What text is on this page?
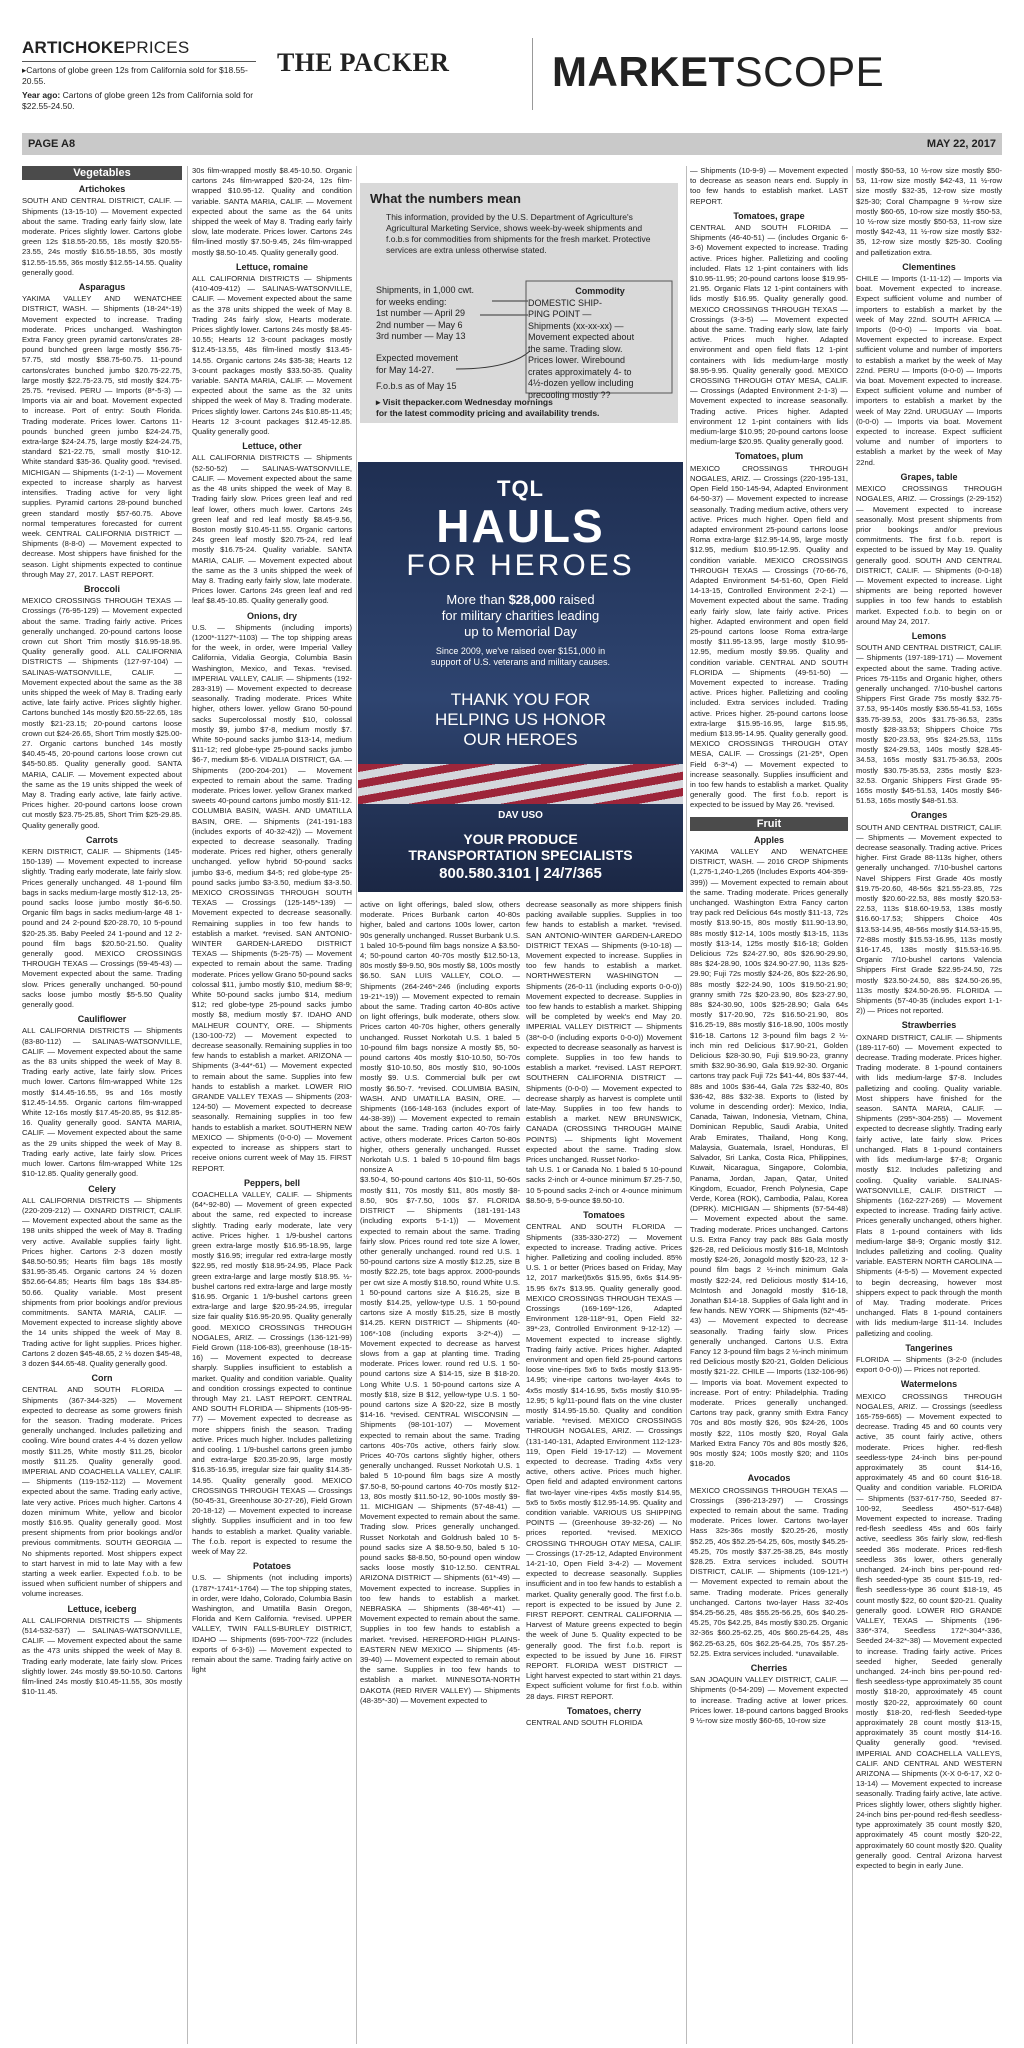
ARTICHOKEPRICES

▸Cartons of globe green 12s from California sold for $18.55-20.55.

Year ago: Cartons of globe green 12s from California sold for $22.55-24.50.

THE PACKER MARKETSCOPE
PAGE A8	MAY 22, 2017
Vegetables
Artichokes

SOUTH AND CENTRAL DISTRICT, CALIF. — Shipments (13-15-10) — Movement expected about the same. Trading early fairly slow, late moderate. Prices slightly lower. Cartons globe green 12s $18.55-20.55, 18s mostly $20.55-23.55, 24s mostly $16.55-18.55, 30s mostly $12.55-15.55, 36s mostly $12.55-14.55. Quality generally good.

Asparagus

YAKIMA VALLEY AND WENATCHEE DISTRICT, WASH. — Shipments (18-24*-19) Movement expected to increase. Trading moderate. Prices unchanged. Washington Extra Fancy green pyramid cartons/crates 28-pound bunched green large mostly $56.75-57.75, std mostly $58.75-60.75. 11-pound cartons/crates bunched jumbo $20.75-22.75, large mostly $22.75-23.75, std mostly $24.75-25.75. *revised. PERU — Imports (8*-5-3) — Imports via air and boat. Movement expected to increase. Port of entry: South Florida. Trading moderate. Prices lower. Cartons 11-pounds bunched green jumbo $24-24.75, extra-large $24-24.75, large mostly $24-24.75, standard $21-22.75, small mostly $10-12. White standard $35-36. Quality good. *revised. MICHIGAN — Shipments (1-2-1) — Movement expected to increase sharply as harvest intensifies. Trading active for very light supplies. Pyramid cartons 28-pound bunched green standard mostly $57-60.75. Above normal temperatures forecasted for current week. CENTRAL CALIFORNIA DISTRICT — Shipments (8-8-0) — Movement expected to decrease. Most shippers have finished for the season. Light shipments expected to continue through May 27, 2017. LAST REPORT.

Broccoli

MEXICO CROSSINGS THROUGH TEXAS — Crossings (76-95-129) — Movement expected about the same. Trading fairly active. Prices generally unchanged. 20-pound cartons loose crown cut Short Trim mostly $16.95-18.95. Quality generally good. ALL CALIFORNIA DISTRICTS — Shipments (127-97-104) — SALINAS-WATSONVILLE, CALIF. — Movement expected about the same as the 38 units shipped the week of May 8. Trading early active, late fairly active. Prices slightly higher. Cartons bunched 14s mostly $20.55-22.65, 18s mostly $21-23.15; 20-pound cartons loose crown cut $24-26.65, Short Trim mostly $25.00-27. Organic cartons bunched 14s mostly $40.45-45, 20-pound cartons loose crown cut $45-50.85. Quality generally good. SANTA MARIA, CALIF. — Movement expected about the same as the 19 units shipped the week of May 8. Trading early active, late fairly active. Prices higher. 20-pound cartons loose crown cut mostly $23.75-25.85, Short Trim $25-29.85. Quality generally good.

Carrots

KERN DISTRICT, CALIF. — Shipments (145-150-139) — Movement expected to increase slightly. Trading early moderate, late fairly slow. Prices generally unchanged. 48 1-pound film bags in sacks medium-large mostly $12-13, 25-pound sacks loose jumbo mostly $6-6.50. Organic film bags in sacks medium-large 48 1-pound and 24 2-pound $20-28.70, 10 5-pound $20-25.35. Baby Peeled 24 1-pound and 12 2-pound film bags $20.50-21.50. Quality generally good. MEXICO CROSSINGS THROUGH TEXAS — Crossings (59-45-43) — Movement expected about the same. Trading slow. Prices generally unchanged. 50-pound sacks loose jumbo mostly $5-5.50 Quality generally good.

Cauliflower

ALL CALIFORNIA DISTRICTS — Shipments (83-80-112) — SALINAS-WATSONVILLE, CALIF. — Movement expected about the same as the 83 units shipped the week of May 8. Trading early active, late fairly slow. Prices much lower. Cartons film-wrapped White 12s mostly $14.45-16.55, 9s and 16s mostly $12.45-14.55. Organic cartons film-wrapped White 12-16s mostly $17.45-20.85, 9s $12.85-16. Quality generally good. SANTA MARIA, CALIF. — Movement expected about the same as the 29 units shipped the week of May 8. Trading early active, late fairly slow. Prices much lower. Cartons film-wrapped White 12s $10-12.85. Quality generally good.

Celery

ALL CALIFORNIA DISTRICTS — Shipments (220-209-212) — OXNARD DISTRICT, CALIF. — Movement expected about the same as the 198 units shipped the week of May 8. Trading very active. Available supplies fairly light. Prices higher. Cartons 2-3 dozen mostly $48.50-50.95; Hearts film bags 18s mostly $31.95-35.45. Organic cartons 24 ½ dozen $52.66-64.85; Hearts film bags 18s $34.85-50.66. Quality variable. Most present shipments from prior bookings and/or previous commitments. SANTA MARIA, CALIF. — Movement expected to increase slightly above the 14 units shipped the week of May 8. Trading active for light supplies. Prices higher. Cartons 2 dozen $45-48.65, 2 ½ dozen $45-48, 3 dozen $44.65-48. Quality generally good.

Corn

CENTRAL AND SOUTH FLORIDA — Shipments (367-344-325) — Movement expected to decrease as some growers finish for the season. Trading moderate. Prices generally unchanged. Includes palletizing and cooling. Wire bound crates 4-4 ½ dozen yellow mostly $11.25, White mostly $11.25, bicolor mostly $11.25. Quality generally good. IMPERIAL AND COACHELLA VALLEY, CALIF. — Shipments (119-152-112) — Movement expected about the same. Trading early active, late very active. Prices much higher. Cartons 4 dozen minimum White, yellow and bicolor mostly $16.95. Quality generally good. Most present shipments from prior bookings and/or previous commitments. SOUTH GEORGIA — No shipments reported. Most shippers expect to start harvest in mid to late May with a few starting a week earlier. Expected f.o.b. to be issued when sufficient number of shippers and volume increases.

Lettuce, iceberg

ALL CALIFORNIA DISTRICTS — Shipments (514-532-537) — SALINAS-WATSONVILLE, CALIF. — Movement expected about the same as the 473 units shipped the week of May 8. Trading early moderate, late fairly slow. Prices slightly lower. 24s mostly $9.50-10.50. Cartons film-lined 24s mostly $10.45-11.55, 30s mostly $10-11.45.

30s film-wrapped mostly $8.45-10.50. Organic cartons 24s film-wrapped $20-24, 12s film-wrapped $10.95-12. Quality and condition variable. SANTA MARIA, CALIF. — Movement expected about the same as the 64 units shipped the week of May 8. Trading early fairly slow, late moderate. Prices lower. Cartons 24s film-lined mostly $7.50-9.45, 24s film-wrapped mostly $8.50-10.45. Quality generally good.

Lettuce, romaine

ALL CALIFORNIA DISTRICTS — Shipments (410-409-412) — SALINAS-WATSONVILLE, CALIF. — Movement expected about the same as the 378 units shipped the week of May 8. Trading 24s fairly slow, Hearts moderate. Prices slightly lower. Cartons 24s mostly $8.45-10.55; Hearts 12 3-count packages mostly $12.45-13.55, 48s film-lined mostly $13.45-14.55. Organic cartons 24s $35-38; Hearts 12 3-count packages mostly $33.50-35. Quality variable. SANTA MARIA, CALIF. — Movement expected about the same as the 32 units shipped the week of May 8. Trading moderate. Prices slightly lower. Cartons 24s $10.85-11.45; Hearts 12 3-count packages $12.45-12.85. Quality generally good.

Lettuce, other

ALL CALIFORNIA DISTRICTS — Shipments (52-50-52) — SALINAS-WATSONVILLE, CALIF. — Movement expected about the same as the 48 units shipped the week of May 8. Trading fairly slow. Prices green leaf and red leaf lower, others much lower. Cartons 24s green leaf and red leaf mostly $8.45-9.56, Boston mostly $10.45-11.55. Organic cartons 24s green leaf mostly $20.75-24, red leaf mostly $16.75-24. Quality variable. SANTA MARIA, CALIF. — Movement expected about the same as the 3 units shipped the week of May 8. Trading early fairly slow, late moderate. Prices lower. Cartons 24s green leaf and red leaf $8.45-10.85. Quality generally good.

Onions, dry

U.S. — Shipments (including imports) (1200*-1127*-1103) — The top shipping areas for the week, in order, were Imperial Valley California, Vidalia Georgia, Columbia Basin Washington, Mexico, and Texas. *revised. IMPERIAL VALLEY, CALIF. — Shipments (192-283-319) — Movement expected to decrease seasonally. Trading moderate. Prices White higher, others lower. yellow Grano 50-pound sacks Supercolossal mostly $10, colossal mostly $9, jumbo $7-8, medium mostly $7. White 50-pound sacks jumbo $13-14, medium $11-12; red globe-type 25-pound sacks jumbo $6-7, medium $5-6. VIDALIA DISTRICT, GA. — Shipments (200-204-201) — Movement expected to remain about the same. Trading moderate. Prices lower. yellow Granex marked sweets 40-pound cartons jumbo mostly $11-12. COLUMBIA BASIN, WASH. AND UMATILLA BASIN, ORE. — Shipments (241-191-183 (includes exports of 40-32-42)) — Movement expected to decrease seasonally. Trading moderate. Prices red higher, others generally unchanged. yellow hybrid 50-pound sacks jumbo $3-6, medium $4-5; red globe-type 25-pound sacks jumbo $3-3.50, medium $3-3.50. MEXICO CROSSINGS THROUGH SOUTH TEXAS — Crossings (125-145*-139) — Movement expected to decrease seasonally. Remaining supplies in too few hands to establish a market. *revised. SAN ANTONIO-WINTER GARDEN-LAREDO DISTRICT TEXAS — Shipments (5-25-75) — Movement expected to remain about the same. Trading moderate. Prices yellow Grano 50-pound sacks colossal $11, jumbo mostly $10, medium $8-9; White 50-pound sacks jumbo $14, medium $12; red globe-type 25-pound sacks jumbo mostly $8, medium mostly $7. IDAHO AND MALHEUR COUNTY, ORE. — Shipments (130-100-72) — Movement expected to decrease seasonally. Remaining supplies in too few hands to establish a market. ARIZONA — Shipments (3-44*-61) — Movement expected to remain about the same. Supplies into few hands to establish a market. LOWER RIO GRANDE VALLEY TEXAS — Shipments (203-124-50) — Movement expected to decrease seasonally. Remaining supplies in too few hands to establish a market. SOUTHERN NEW MEXICO — Shipments (0-0-0) — Movement expected to increase as shippers start to receive onions current week of May 15. FIRST REPORT.

Peppers, bell

COACHELLA VALLEY, CALIF. — Shipments (64*-92-80) — Movement of green expected about the same, red expected to increase slightly. Trading early moderate, late very active. Prices higher. 1 1/9-bushel cartons green extra-large mostly $16.95-18.95, large mostly $16.95; irregular red extra-large mostly $22.95, red mostly $18.95-24.95, Place Pack green extra-large and large mostly $18.95. ½-bushel cartons red extra-large and large mostly $16.95. Organic 1 1/9-bushel cartons green extra-large and large $20.95-24.95, irregular size fair quality $16.95-20.95. Quality generally good. MEXICO CROSSINGS THROUGH NOGALES, ARIZ. — Crossings (136-121-99) Field Grown (118-106-83), greenhouse (18-15-16) — Movement expected to decrease sharply. Supplies insufficient to establish a market. Quality and condition variable. Quality and condition crossings expected to continue through May 21. LAST REPORT. CENTRAL AND SOUTH FLORIDA — Shipments (105-95-77) — Movement expected to decrease as more shippers finish the season. Trading active. Prices much higher. Includes palletizing and cooling. 1 1/9-bushel cartons green jumbo and extra-large $20.35-20.95, large mostly $16.35-16.95, irregular size fair quality $14.35-14.95. Quality generally good. MEXICO CROSSINGS THROUGH TEXAS — Crossings (50-45-31, Greenhouse 30-27-26), Field Grown 20-18-12) — Movement expected to increase slightly. Supplies insufficient and in too few hands to establish a market. Quality variable. The f.o.b. report is expected to resume the week of May 22.

Potatoes

U.S. — Shipments (not including imports) (1787*-1741*-1764) — The top shipping states, in order, were Idaho, Colorado, Columbia Basin Washington, and Umatilla Basin Oregon, Florida and Kern California. *revised. UPPER VALLEY, TWIN FALLS-BURLEY DISTRICT, IDAHO — Shipments (695-700*-722 (includes exports of 6-3-6)) — Movement expected to remain about the same. Trading fairly active on light

active on light offerings, baled slow, others moderate. Prices Burbank carton 40-80s higher, baled and cartons 100s lower, carton 90s generally unchanged. Russet Burbank U.S. 1 baled 10-5-pound film bags nonsize A $3.50-4; 50-pound carton 40-70s mostly $12.50-13, 80s mostly $9-9.50, 90s mostly $8, 100s mostly $6.50. SAN LUIS VALLEY, COLO. — Shipments (264-246*-246 (including exports 19-21*-19)) — Movement expected to remain about the same. Trading carton 40-80s active on light offerings, bulk moderate, others slow. Prices carton 40-70s higher, others generally unchanged. Russet Norkotah U.S. 1 baled 5 10-pound film bags nonsize A mostly $5, 50-pound cartons 40s mostly $10-10.50, 50-70s mostly $10-10.50, 80s mostly $10, 90-100s mostly $9. U.S. Commercial bulk per cwt mostly $6.50-7. *revised. COLUMBIA BASIN, WASH. AND UMATILLA BASIN, ORE. — Shipments (166-148-163 (includes export of 44-38-39)) — Movement expected to remain about the same. Trading carton 40-70s fairly active, others moderate. Prices Carton 50-80s higher, others generally unchanged. Russet Norkotah U.S. 1 baled 5 10-pound film bags nonsize A

$3.50-4, 50-pound cartons 40s $10-11, 50-60s mostly $11, 70s mostly $11, 80s mostly $8-8.50, 90s $7-7.50, 100s $7. FLORIDA DISTRICT — Shipments (181-191-143 (including exports 5-1-1)) — Movement expected to remain about the same. Trading fairly slow. Prices round red tote size A lower, other generally unchanged. round red U.S. 1 50-pound cartons size A mostly $12.25, size B mostly $22.25, tote bags approx. 2000-pounds per cwt size A mostly $18.50, round White U.S. 1 50-pound cartons size A $16.25, size B mostly $14.25, yellow-type U.S. 1 50-pound cartons size A mostly $15.25, size B mostly $14.25. KERN DISTRICT — Shipments (40-106*-108 (including exports 3-2*-4)) — Movement expected to decrease as harvest slows from a gap at planting time. Trading moderate. Prices lower. round red U.S. 1 50-pound cartons size A $14-15, size B $18-20. Long White U.S. 1 50-pound cartons size A mostly $18, size B $12, yellow-type U.S. 1 50-pound cartons size A $20-22, size B mostly $14-16. *revised. CENTRAL WISCONSIN — Shipments (98-101-107) — Movement expected to remain about the same. Trading cartons 40s-70s active, others fairly slow. Prices 40-70s cartons slightly higher, others generally unchanged. Russet Norkotah U.S. 1 baled 5 10-pound film bags size A mostly $7.50-8, 50-pound cartons 40-70s mostly $12-13, 80s mostly $11.50-12, 90-100s mostly $9-11. MICHIGAN — Shipments (57-48-41) — Movement expected to remain about the same. Trading slow. Prices generally unchanged. Russet Norkotah and Goldrush baled 10 5-pound sacks size A $8.50-9.50, baled 5 10-pound sacks $8-8.50, 50-pound open window sacks loose mostly $10-12.50. CENTRAL ARIZONA DISTRICT — Shipments (61*-49) — Movement expected to increase. Supplies in too few hands to establish a market. NEBRASKA — Shipments (38-46*-41) — Movement expected to remain about the same. Supplies in too few hands to establish a market. *revised. HEREFORD-HIGH PLAINS-EASTERN NEW MEXICO — Shipments (45-39-40) — Movement expected to remain about the same. Supplies in too few hands to establish a market. MINNESOTA-NORTH DAKOTA (RED RIVER VALLEY) — Shipments (48-35*-30) — Movement expected to

decrease seasonally as more shippers finish packing available supplies. Supplies in too few hands to establish a market. *revised. SAN ANTONIO-WINTER GARDEN-LAREDO DISTRICT TEXAS — Shipments (9-10-18) — Movement expected to increase. Supplies in too few hands to establish a market. NORTHWESTERN WASHINGTON — Shipments (26-0-11 (including exports 0-0-0)) Movement expected to decrease. Supplies in too few hands to establish a market. Shipping will be completed by week's end May 20. IMPERIAL VALLEY DISTRICT — Shipments (38*-0-0 (including exports 0-0-0)) Movement expected to decrease seasonally as harvest is complete. Supplies in too few hands to establish a market. *revised. LAST REPORT. SOUTHERN CALIFORNIA DISTRICT — Shipments (0-0-0) — Movement expected to decrease sharply as harvest is complete until late-May. Supplies in too few hands to establish a market. NEW BRUNSWICK, CANADA (CROSSING THROUGH MAINE POINTS) — Shipments light Movement expected about the same. Trading slow. Prices unchanged. Russet Norko-

tah U.S. 1 or Canada No. 1 baled 5 10-pound sacks 2-inch or 4-ounce minimum $7.25-7.50, 10 5-pound sacks 2-inch or 4-ounce minimum $8.50-9, 5-9-ounce $9.50-10.

Tomatoes

CENTRAL AND SOUTH FLORIDA — Shipments (335-330-272) — Movement expected to increase. Trading active. Prices higher. Palletizing and cooling included. 85% U.S. 1 or better (Prices based on Friday, May 12, 2017 market)5x6s $15.95, 6x6s $14.95-15.95 6x7s $13.95. Quality generally good. MEXICO CROSSINGS THROUGH TEXAS — Crossings (169-169*-126, Adapted Environment 128-118*-91, Open Field 32-39*-23, Controlled Environment 9-12-12) — Movement expected to increase slightly. Trading fairly active. Prices higher. Adapted environment and open field 25-pound cartons loose vine-ripes 5x6 to 5x6s mostly $13.95-14.95; vine-ripe cartons two-layer 4x4s to 4x5s mostly $14-16.95, 5x5s mostly $10.95-12.95; 5 kg/11-pound flats on the vine cluster mostly $14.95-15.50. Quality and condition variable. *revised. MEXICO CROSSINGS THROUGH NOGALES, ARIZ. — Crossings (131-140-131, Adapted Environment 112-123-119, Open Field 19-17-12) — Movement expected to decrease. Trading 4x5s very active, others active. Prices much higher. Open field and adapted environment cartons flat two-layer vine-ripes 4x5s mostly $14.95, 5x5 to 5x6s mostly $12.95-14.95. Quality and condition variable. VARIOUS US SHIPPING POINTS — (Greenhouse 39-32-26) — No prices reported. *revised. MEXICO CROSSING THROUGH OTAY MESA, CALIF. — Crossings (17-25-12, Adapted Environment 14-21-10, Open Field 3-4-2) — Movement expected to decrease seasonally. Supplies insufficient and in too few hands to establish a market. Quality generally good. The first f.o.b. report is expected to be issued by June 2. FIRST REPORT. CENTRAL CALIFORNIA — Harvest of Mature greens expected to begin the week of June 5. Quality expected to be generally good. The first f.o.b. report is expected to be issued by June 16. FIRST REPORT. FLORIDA WEST DISTRICT — Light harvest expected to start within 21 days. Expect sufficient volume for first f.o.b. within 28 days. FIRST REPORT.

Tomatoes, cherry

CENTRAL AND SOUTH FLORIDA

— Shipments (10-9-9) — Movement expected to decrease as season nears end. Supply in too few hands to establish market. LAST REPORT.

Tomatoes, grape

CENTRAL AND SOUTH FLORIDA — Shipments (46-40-51) — (includes Organic 6-3-6) Movement expected to increase. Trading active. Prices higher. Palletizing and cooling included. Flats 12 1-pint containers with lids $10.95-11.95; 20-pound cartons loose $19.95-21.95. Organic Flats 12 1-pint containers with lids mostly $16.95. Quality generally good. MEXICO CROSSINGS THROUGH TEXAS — Crossings (3-3-5) — Movement expected about the same. Trading early slow, late fairly active. Prices much higher. Adapted environment and open field flats 12 1-pint containers with lids medium-large mostly $8.95-9.95. Quality generally good. MEXICO CROSSING THROUGH OTAY MESA, CALIF. — Crossings (Adapted Environment 2-1-3) — Movement expected to increase seasonally. Trading active. Prices higher. Adapted environment 12 1-pint containers with lids medium-large $10.95; 20-pound cartons loose medium-large $20.95. Quality generally good.

Tomatoes, plum

MEXICO CROSSINGS THROUGH NOGALES, ARIZ. — Crossings (220-195-131, Open Field 150-145-94, Adapted Environment 64-50-37) — Movement expected to increase seasonally. Trading medium active, others very active. Prices much higher. Open field and adapted environment 25-pound cartons loose Roma extra-large $12.95-14.95, large mostly $12.95, medium $10.95-12.95. Quality and condition variable. MEXICO CROSSINGS THROUGH TEXAS — Crossings (70-66-76, Adapted Environment 54-51-60, Open Field 14-13-15, Controlled Environment 2-2-1) — Movement expected about the same. Trading early fairly slow, late fairly active. Prices higher. Adapted environment and open field 25-pound cartons loose Roma extra-large mostly $11.95-13.95, large mostly $10.95-12.95, medium mostly $9.95. Quality and condition variable. CENTRAL AND SOUTH FLORIDA — Shipments (49-51-50) — Movement expected to increase. Trading active. Prices higher. Palletizing and cooling included. Extra services included. Trading active. Prices higher. 25-pound cartons loose extra-large $15.95-16.95, large $15.95, medium $13.95-14.95. Quality generally good. MEXICO CROSSINGS THROUGH OTAY MESA, CALIF. — Crossings (21-25*, Open Field 6-3*-4) — Movement expected to increase seasonally. Supplies insufficient and in too few hands to establish a market. Quality generally good. The first f.o.b. report is expected to be issued by May 26. *revised.

Fruit
Apples

YAKIMA VALLEY AND WENATCHEE DISTRICT, WASH. — 2016 CROP Shipments (1,275-1,240-1,265 (Includes Exports 404-359-399)) — Movement expected to remain about the same. Trading moderate. Prices generally unchanged. Washington Extra Fancy carton tray pack red Delicious 64s mostly $11-13, 72s mostly $13.90-15, 80s mostly $11.90-13.90, 88s mostly $12-14, 100s mostly $13-15, 113s mostly $13-14, 125s mostly $16-18; Golden Delicious 72s $24-27.90, 80s $26.90-29.90, 88s $24-28.90, 100s $24.90-27.90, 113s $25-29.90; Fuji 72s mostly $24-26, 80s $22-26.90, 88s mostly $22-24.90, 100s $19.50-21.90; granny smith 72s $20-23.90, 80s $23-27.90, 88s $24-30.90, 100s $25-28.90; Gala 64s mostly $17-20.90, 72s $16.50-21.90, 80s $16.25-19, 88s mostly $16-18.90, 100s mostly $16-18. Cartons 12 3-pound film bags 2 ½-inch min red Delicious $17.90-21, Golden Delicious $28-30.90, Fuji $19.90-23, granny smith $32.90-36.90, Gala $19.92-30. Organic cartons tray pack Fuji 72s $41-44, 80s $37-44, 88s and 100s $36-44, Gala 72s $32-40, 80s $36-42, 88s $32-38. Exports to (listed by volume in descending order): Mexico, India, Canada, Taiwan, Indonesia, Vietnam, China, Dominican Republic, Saudi Arabia, United Arab Emirates, Thailand, Hong Kong, Malaysia, Guatemala, Israel, Honduras, El Salvador, Sri Lanka, Costa Rica, Philippines, Kuwait, Nicaragua, Singapore, Colombia, Panama, Jordan, Japan, Qatar, United Kingdom, Ecuador, French Polynesia, Cape Verde, Korea (ROK), Cambodia, Palau, Korea (DPRK). MICHIGAN — Shipments (57-54-48) — Movement expected about the same. Trading moderate. Prices unchanged. Cartons U.S. Extra Fancy tray pack 88s Gala mostly $26-28, red Delicious mostly $16-18, McIntosh mostly $24-26, Jonagold mostly $20-23, 12 3-pound film bags 2 ½-inch minimum Gala mostly $22-24, red Delicious mostly $14-16, McIntosh and Jonagold mostly $16-18, Jonathan $14-18. Supplies of Gala light and in few hands. NEW YORK — Shipments (52*-45-43) — Movement expected to decrease seasonally. Trading fairly slow. Prices generally unchanged. Cartons U.S. Extra Fancy 12 3-pound film bags 2 ½-inch minimum red Delicious mostly $20-21, Golden Delicious mostly $21-22. CHILE — Imports (132-106-96) — Imports via boat. Movement expected to increase. Port of entry: Philadelphia. Trading moderate. Prices generally unchanged. Cartons tray pack, granny smith Extra Fancy 70s and 80s mostly $26, 90s $24-26, 100s mostly $22, 110s mostly $20, Royal Gala Marked Extra Fancy 70s and 80s mostly $26, 90s mostly $24; 100s mostly $20; and 110s $18-20.

Avocados

MEXICO CROSSINGS THROUGH TEXAS — Crossings (396-213-297) — Crossings expected to remain about the same. Trading moderate. Prices lower. Cartons two-layer Hass 32s-36s mostly $20.25-26, mostly $52.25, 40s $52.25-54.25, 60s, mostly $45.25-45.25, 70s mostly $37.25-38.25, 84s mostly $28.25. Extra services included. SOUTH DISTRICT, CALIF. — Shipments (109-121-*) — Movement expected to remain about the same. Trading moderate. Prices generally unchanged. Cartons two-layer Hass 32-40s $54.25-56.25, 48s $55.25-56.25, 60s $40.25-45.25, 70s $42.25, 84s mostly $30.25. Organic 32-36s $60.25-62.25, 40s $60.25-64.25, 48s $62.25-63.25, 60s $62.25-64.25, 70s $57.25-52.25. Extra services included. *unavailable.

Cherries

SAN JOAQUIN VALLEY DISTRICT, CALIF. — Shipments (0-54-209) — Movement expected to increase. Trading active at lower prices. Prices lower. 18-pound cartons bagged Brooks 9 ½-row size mostly $60-65, 10-row size

mostly $50-53, 10 ½-row size mostly $50-53, 11-row size mostly $42-43, 11 ½-row size mostly $32-35, 12-row size mostly $25-30; Coral Champagne 9 ½-row size mostly $60-65, 10-row size mostly $50-53, 10 ½-row size mostly $50-53, 11-row size mostly $42-43, 11 ½-row size mostly $32-35, 12-row size mostly $25-30. Cooling and palletization extra.

Clementines

CHILE — Imports (1-11-12) — Imports via boat. Movement expected to increase. Expect sufficient volume and number of importers to establish a market by the week of May 22nd. SOUTH AFRICA — Imports (0-0-0) — Imports via boat. Movement expected to increase. Expect sufficient volume and number of importers to establish a market by the week of May 22nd. PERU — Imports (0-0-0) — Imports via boat. Movement expected to increase. Expect sufficient volume and number of importers to establish a market by the week of May 22nd. URUGUAY — Imports (0-0-0) — Imports via boat. Movement expected to increase. Expect sufficient volume and number of importers to establish a market by the week of May 22nd.

Grapes, table

MEXICO CROSSINGS THROUGH NOGALES, ARIZ. — Crossings (2-29-152) — Movement expected to increase seasonally. Most present shipments from prior bookings and/or previous commitments. The first f.o.b. report is expected to be issued by May 19. Quality generally good. SOUTH AND CENTRAL DISTRICT, CALIF. — Shipments (0-0-18) — Movement expected to increase. Light shipments are being reported however supplies in too few hands to establish market. Expected f.o.b. to begin on or around May 24, 2017.

Lemons

SOUTH AND CENTRAL DISTRICT, CALIF. — Shipments (197-189-171) — Movement expected about the same. Trading active. Prices 75-115s and Organic higher, others generally unchanged. 7/10-bushel cartons Shippers First Grade 75s mostly $32.75-37.53, 95-140s mostly $36.55-41.53, 165s $35.75-39.53, 200s $31.75-36.53, 235s mostly $28-33.53; Shippers Choice 75s mostly $20-23.53, 95s $24-25.53, 115s mostly $24-29.53, 140s mostly $28.45-34.53, 165s mostly $31.75-36.53, 200s mostly $30.75-35.53, 235s mostly $23-32.53. Organic Shippers First Grade 95-165s mostly $45-51.53, 140s mostly $46-51.53, 165s mostly $48-51.53.

Oranges

SOUTH AND CENTRAL DISTRICT, CALIF. — Shipments — Movement expected to decrease seasonally. Trading active. Prices higher. First Grade 88-113s higher, others generally unchanged. 7/10-bushel cartons Navel Shippers First Grade 40s mostly $19.75-20.60, 48-56s $21.55-23.85, 72s mostly $20.60-22.53, 88s mostly $20.53-22.53, 113s $18.60-19.53, 138s mostly $16.60-17.53; Shippers Choice 40s $13.53-14.95, 48-56s mostly $14.53-15.95, 72-88s mostly $15.53-16.95, 113s mostly $16-17.45, 138s mostly $15.53-16.95. Organic 7/10-bushel cartons Valencia Shippers First Grade $22.95-24.50, 72s mostly $23.50-24.50, 88s $24.50-26.95, 113s mostly $24.50-26.95. FLORIDA — Shipments (57-40-35 (includes export 1-1-2)) — Prices not reported.

Strawberries

OXNARD DISTRICT, CALIF. — Shipments (189-117-60) — Movement expected to decrease. Trading moderate. Prices higher. Trading moderate. 8 1-pound containers with lids medium-large $7-8. Includes palletizing and cooling. Quality variable. Most shippers have finished for the season. SANTA MARIA, CALIF. — Shipments (295*-304-255) — Movement expected to decrease slightly. Trading early fairly active, late fairly slow. Prices unchanged. Flats 8 1-pound containers with lids medium-large $7-8; Organic mostly $12. Includes palletizing and cooling. Quality variable. SALINAS-WATSONVILLE, CALIF. DISTRICT — Shipments (162-227-269) — Movement expected to increase. Trading fairly active. Prices generally unchanged, others higher. Flats 8 1-pound containers with lids medium-large $8-9; Organic mostly $12. Includes palletizing and cooling. Quality variable. EASTERN NORTH CAROLINA — Shipments (4-5-5) — Movement expected to begin decreasing, however most shippers expect to pack through the month of May. Trading moderate. Prices unchanged. Flats 8 1-pound containers with lids medium-large $11-14. Includes palletizing and cooling.

Tangerines

FLORIDA — Shipments (3-2-0 (includes export 0-0-0)) — Prices not reported.

Watermelons

MEXICO CROSSINGS THROUGH NOGALES, ARIZ. — Crossings (seedless 165-759-665) — Movement expected to decrease. Trading 45 and 60 counts very active, 35 count fairly active, others moderate. Prices higher. red-flesh seedless-type 24-inch bins per-pound approximately 35 count $14-16, approximately 45 and 60 count $16-18. Quality and condition variable. FLORIDA — Shipments (537-617-750, Seeded 87-100-92, Seedless 450*-517-648) Movement expected to increase. Trading red-flesh seedless 45s and 60s fairly active, seedless 36s fairly slow, red-flesh seeded 36s moderate. Prices red-flesh seedless 36s lower, others generally unchanged. 24-inch bins per-pound red-flesh seeded-type 35 count $15-19, red-flesh seedless-type 36 count $18-19, 45 count mostly $22, 60 count $20-21. Quality generally good. LOWER RIO GRANDE VALLEY, TEXAS — Shipments (196-336*-374, Seedless 172*-304*-336, Seeded 24-32*-38) — Movement expected to increase. Trading fairly active. Prices seeded higher, Seeded generally unchanged. 24-inch bins per-pound red-flesh seedless-type approximately 35 count mostly $18-20, approximately 45 count mostly $20-22, approximately 60 count mostly $18-20, red-flesh Seeded-type approximately 28 count mostly $13-15, approximately 35 count mostly $14-16. Quality generally good. *revised. IMPERIAL AND COACHELLA VALLEYS, CALIF. AND CENTRAL AND WESTERN ARIZONA — Shipments (X-X 0-6-17, X2 0-13-14) — Movement expected to increase seasonally. Trading fairly active, late active. Prices slightly lower, others slightly higher. 24-inch bins per-pound red-flesh seedless-type approximately 35 count mostly $20, approximately 45 count mostly $20-22, approximately 60 count mostly $20. Quality generally good. Central Arizona harvest expected to begin in early June.

What the numbers mean

This information, provided by the U.S. Department of Agriculture's Agricultural Marketing Service, shows week-by-week shipments and f.o.b.s for commodities from shipments for the fresh market. Protective services are extra unless otherwise stated.

Shipments, in 1,000 cwt.
for weeks ending:
1st number — April 29
2nd number — May 6
3rd number — May 13
Commodity
DOMESTIC SHIP-
PING POINT —
Shipments (xx-xx-xx) —
Movement expected about
the same. Trading slow.
Prices lower. Wirebound
crates approximately 4- to
4½-dozen yellow including
precooling mostly ??
Expected movement
for May 14-27.
F.o.b.s as of May 15
▸ Visit thepacker.com Wednesday mornings
for the latest commodity pricing and availability trends.
TQL
HAULS
FOR HEROES
More than $28,000 raised
for military charities leading
up to Memorial Day
Since 2009, we've raised over $151,000 in
support of U.S. veterans and military causes.
THANK YOU FOR
HELPING US HONOR
OUR HEROES
DAV USO
YOUR PRODUCE
TRANSPORTATION SPECIALISTS
800.580.3101 | 24/7/365
